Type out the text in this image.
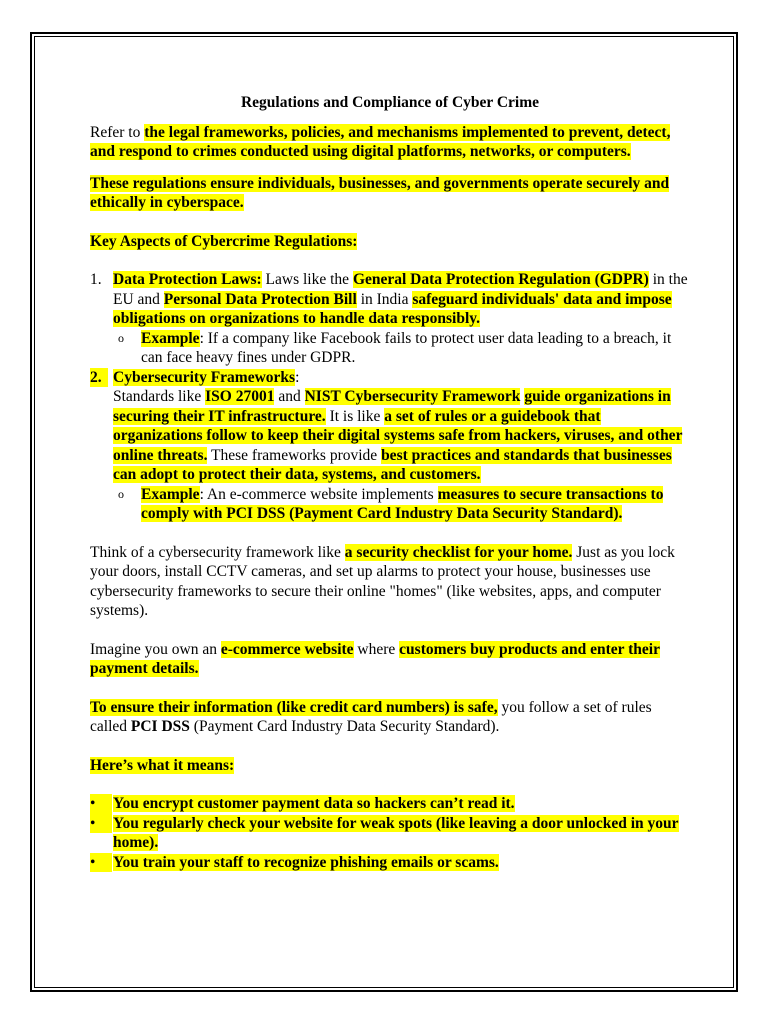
Regulations and Compliance of Cyber Crime

Refer to the legal frameworks, policies, and mechanisms implemented to prevent, detect, and respond to crimes conducted using digital platforms, networks, or computers.

These regulations ensure individuals, businesses, and governments operate securely and ethically in cyberspace.

Key Aspects of Cybercrime Regulations:

1. Data Protection Laws: Laws like the General Data Protection Regulation (GDPR) in the EU and Personal Data Protection Bill in India safeguard individuals' data and impose obligations on organizations to handle data responsibly.
o Example: If a company like Facebook fails to protect user data leading to a breach, it can face heavy fines under GDPR.
2. Cybersecurity Frameworks:
Standards like ISO 27001 and NIST Cybersecurity Framework guide organizations in securing their IT infrastructure. It is like a set of rules or a guidebook that organizations follow to keep their digital systems safe from hackers, viruses, and other online threats. These frameworks provide best practices and standards that businesses can adopt to protect their data, systems, and customers.
o Example: An e-commerce website implements measures to secure transactions to comply with PCI DSS (Payment Card Industry Data Security Standard).

Think of a cybersecurity framework like a security checklist for your home. Just as you lock your doors, install CCTV cameras, and set up alarms to protect your house, businesses use cybersecurity frameworks to secure their online "homes" (like websites, apps, and computer systems).

Imagine you own an e-commerce website where customers buy products and enter their payment details.

To ensure their information (like credit card numbers) is safe, you follow a set of rules called PCI DSS (Payment Card Industry Data Security Standard).

Here’s what it means:

•	You encrypt customer payment data so hackers can’t read it.
•	You regularly check your website for weak spots (like leaving a door unlocked in your home).
•	You train your staff to recognize phishing emails or scams.
